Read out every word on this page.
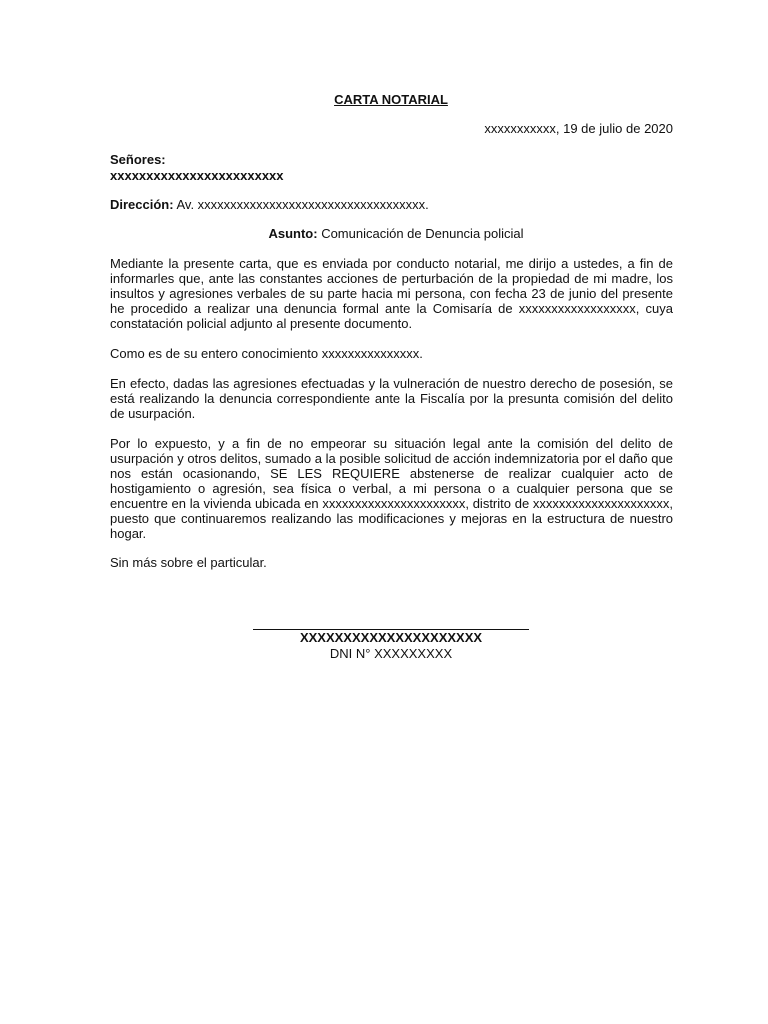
CARTA NOTARIAL
xxxxxxxxxxx, 19 de julio de 2020
Señores:
xxxxxxxxxxxxxxxxxxxxxxxx
Dirección: Av. xxxxxxxxxxxxxxxxxxxxxxxxxxxxxxxxxxx.
Asunto: Comunicación de Denuncia policial

Mediante la presente carta, que es enviada por conducto notarial, me dirijo a ustedes, a fin de informarles que, ante las constantes acciones de perturbación de la propiedad de mi madre, los insultos y agresiones verbales de su parte hacia mi persona, con fecha 23 de junio del presente he procedido a realizar una denuncia formal ante la Comisaría de xxxxxxxxxxxxxxxxxx, cuya constatación policial adjunto al presente documento.

Como es de su entero conocimiento xxxxxxxxxxxxxxx.

En efecto, dadas las agresiones efectuadas y la vulneración de nuestro derecho de posesión, se está realizando la denuncia correspondiente ante la Fiscalía por la presunta comisión del delito de usurpación.

Por lo expuesto, y a fin de no empeorar su situación legal ante la comisión del delito de usurpación y otros delitos, sumado a la posible solicitud de acción indemnizatoria por el daño que nos están ocasionando, SE LES REQUIERE abstenerse de realizar cualquier acto de hostigamiento o agresión, sea física o verbal, a mi persona o a cualquier persona que se encuentre en la vivienda ubicada en xxxxxxxxxxxxxxxxxxxxxx, distrito de xxxxxxxxxxxxxxxxxxxxx, puesto que continuaremos realizando las modificaciones y mejoras en la estructura de nuestro hogar.

Sin más sobre el particular.

XXXXXXXXXXXXXXXXXXXXX
DNI N° XXXXXXXXX
